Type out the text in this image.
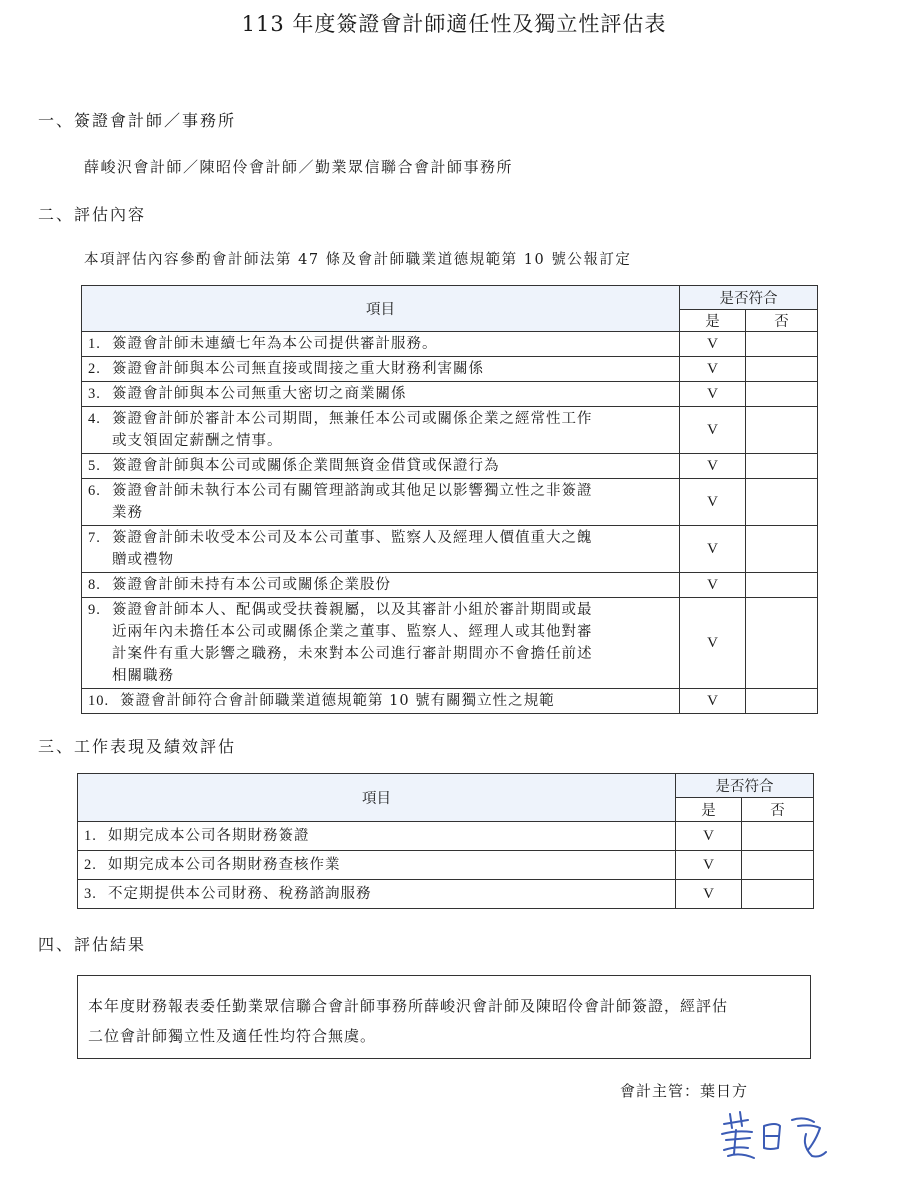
113 年度簽證會計師適任性及獨立性評估表
一、簽證會計師／事務所
薛峻沢會計師／陳昭伶會計師／勤業眾信聯合會計師事務所
二、評估內容
本項評估內容參酌會計師法第 47 條及會計師職業道德規範第 10 號公報訂定
項目	是否符合	
	是	否
1. 簽證會計師未連續七年為本公司提供審計服務。	V	
2. 簽證會計師與本公司無直接或間接之重大財務利害關係	V	
3. 簽證會計師與本公司無重大密切之商業關係	V	
4. 簽證會計師於審計本公司期間，無兼任本公司或關係企業之經常性工作
或支領固定薪酬之情事。	V	
5. 簽證會計師與本公司或關係企業間無資金借貸或保證行為	V	
6. 簽證會計師未執行本公司有關管理諮詢或其他足以影響獨立性之非簽證
業務	V	
7. 簽證會計師未收受本公司及本公司董事、監察人及經理人價值重大之餽
贈或禮物	V	
8. 簽證會計師未持有本公司或關係企業股份	V	
9. 簽證會計師本人、配偶或受扶養親屬，以及其審計小組於審計期間或最
近兩年內未擔任本公司或關係企業之董事、監察人、經理人或其他對審
計案件有重大影響之職務，未來對本公司進行審計期間亦不會擔任前述
相關職務	V	
10. 簽證會計師符合會計師職業道德規範第 10 號有關獨立性之規範	V	
三、工作表現及績效評估
項目	是否符合	
	是	否
1. 如期完成本公司各期財務簽證	V	
2. 如期完成本公司各期財務查核作業	V	
3. 不定期提供本公司財務、稅務諮詢服務	V	
四、評估結果
本年度財務報表委任勤業眾信聯合會計師事務所薛峻沢會計師及陳昭伶會計師簽證，經評估
二位會計師獨立性及適任性均符合無虞。
會計主管：葉日方
